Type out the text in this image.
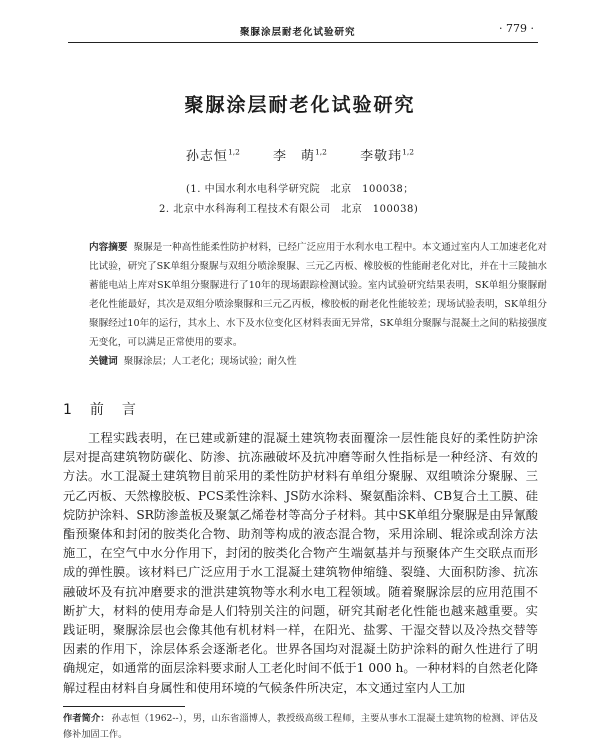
聚脲涂层耐老化试验研究	· 779 ·
聚脲涂层耐老化试验研究
孙志恒$^{1,2}$	李　萌$^{1,2}$	李敬玮$^{1,2}$
(1. 中国水利水电科学研究院　北京　100038；
2. 北京中水科海利工程技术有限公司　北京　100038)
内容摘要 聚脲是一种高性能柔性防护材料，已经广泛应用于水利水电工程中。本文通过室内人工加速老化对比试验，研究了SK单组分聚脲与双组分喷涂聚脲、三元乙丙板、橡胶板的性能耐老化对比，并在十三陵抽水蓄能电站上库对SK单组分聚脲进行了10年的现场跟踪检测试验。室内试验研究结果表明，SK单组分聚脲耐老化性能最好，其次是双组分喷涂聚脲和三元乙丙板，橡胶板的耐老化性能较差；现场试验表明，SK单组分聚脲经过10年的运行，其水上、水下及水位变化区材料表面无异常，SK单组分聚脲与混凝土之间的粘接强度无变化，可以满足正常使用的要求。
关键词 聚脲涂层；人工老化；现场试验；耐久性
1 前　言

工程实践表明，在已建或新建的混凝土建筑物表面覆涂一层性能良好的柔性防护涂层对提高建筑物防碳化、防渗、抗冻融破坏及抗冲磨等耐久性指标是一种经济、有效的方法。水工混凝土建筑物目前采用的柔性防护材料有单组分聚脲、双组喷涂分聚脲、三元乙丙板、天然橡胶板、PCS柔性涂料、JS防水涂料、聚氨酯涂料、CB复合土工膜、硅烷防护涂料、SR防渗盖板及聚氯乙烯卷材等高分子材料。其中SK单组分聚脲是由异氰酸酯预聚体和封闭的胺类化合物、助剂等构成的液态混合物，采用涂刷、辊涂或刮涂方法施工，在空气中水分作用下，封闭的胺类化合物产生端氨基并与预聚体产生交联点而形成的弹性膜。该材料已广泛应用于水工混凝土建筑物伸缩缝、裂缝、大面积防渗、抗冻融破坏及有抗冲磨要求的泄洪建筑物等水利水电工程领域。随着聚脲涂层的应用范围不断扩大，材料的使用寿命是人们特别关注的问题，研究其耐老化性能也越来越重要。实践证明，聚脲涂层也会像其他有机材料一样，在阳光、盐雾、干湿交替以及冷热交替等因素的作用下，涂层体系会逐渐老化。世界各国均对混凝土防护涂料的耐久性进行了明确规定，如通常的面层涂料要求耐人工老化时间不低于1 000 h。一种材料的自然老化降解过程由材料自身属性和使用环境的气候条件所决定，本文通过室内人工加

作者简介： 孙志恒（1962--），男，山东省淄博人，教授级高级工程师，主要从事水工混凝土建筑物的检测、评估及修补加固工作。
